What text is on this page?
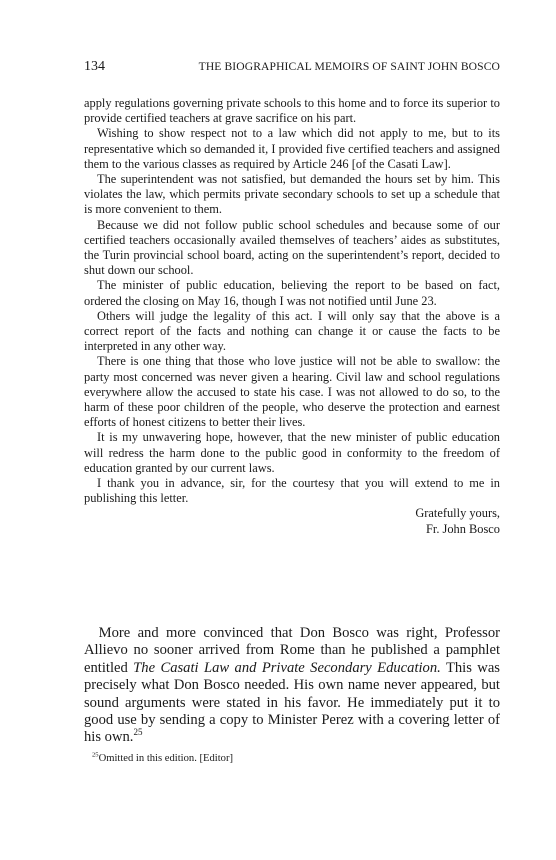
134	THE BIOGRAPHICAL MEMOIRS OF SAINT JOHN BOSCO

apply regulations governing private schools to this home and to force its superior to provide certified teachers at grave sacrifice on his part.

Wishing to show respect not to a law which did not apply to me, but to its representative which so demanded it, I provided five certified teachers and assigned them to the various classes as required by Article 246 [of the Casati Law].

The superintendent was not satisfied, but demanded the hours set by him. This violates the law, which permits private secondary schools to set up a schedule that is more convenient to them.

Because we did not follow public school schedules and because some of our certified teachers occasionally availed themselves of teachers’ aides as substitutes, the Turin provincial school board, acting on the superintendent’s report, decided to shut down our school.

The minister of public education, believing the report to be based on fact, ordered the closing on May 16, though I was not notified until June 23.

Others will judge the legality of this act. I will only say that the above is a correct report of the facts and nothing can change it or cause the facts to be interpreted in any other way.

There is one thing that those who love justice will not be able to swallow: the party most concerned was never given a hearing. Civil law and school regulations everywhere allow the accused to state his case. I was not allowed to do so, to the harm of these poor children of the people, who deserve the protection and earnest efforts of honest citizens to better their lives.

It is my unwavering hope, however, that the new minister of public education will redress the harm done to the public good in conformity to the freedom of education granted by our current laws.

I thank you in advance, sir, for the courtesy that you will extend to me in publishing this letter.

Gratefully yours,
Fr. John Bosco

More and more convinced that Don Bosco was right, Professor Allievo no sooner arrived from Rome than he published a pamphlet entitled The Casati Law and Private Secondary Education. This was precisely what Don Bosco needed. His own name never appeared, but sound arguments were stated in his favor. He immediately put it to good use by sending a copy to Minister Perez with a covering letter of his own.$^{25}$

$^{25}$Omitted in this edition. [Editor]
